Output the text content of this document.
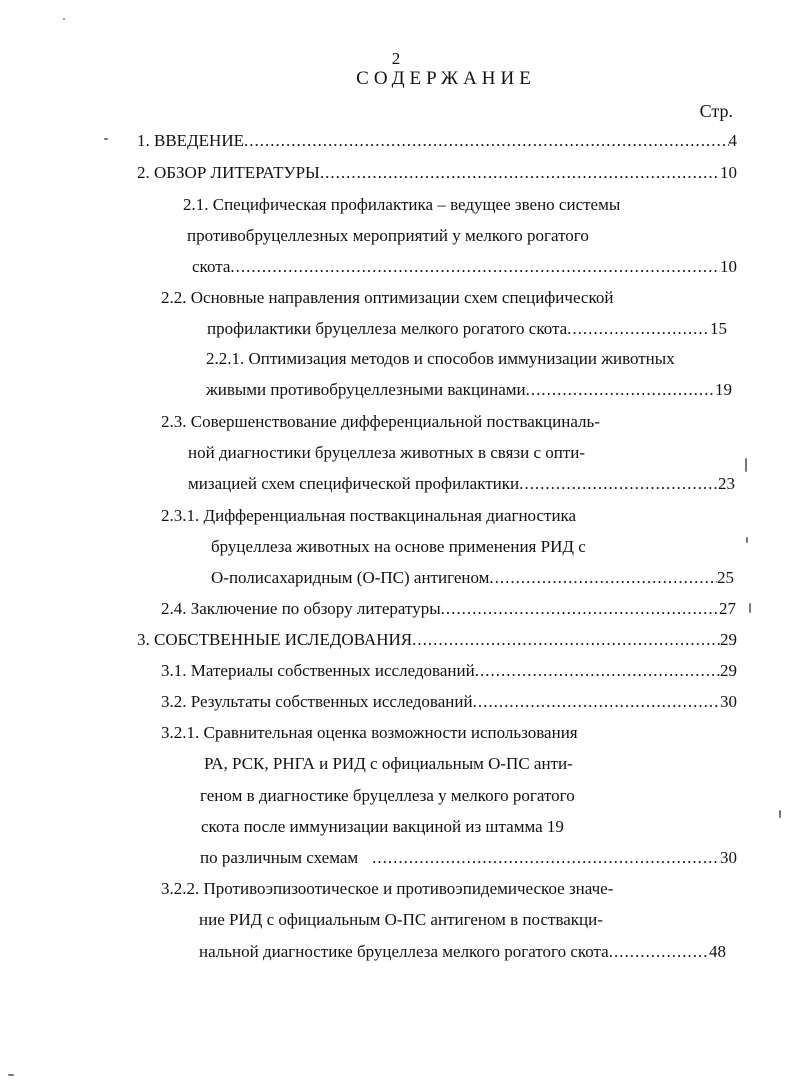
2
СОДЕРЖАНИЕ
Стр.
1. ВВЕДЕНИЕ .....	4
2. ОБЗОР ЛИТЕРАТУРЫ .....	10
2.1. Специфическая профилактика – ведущее звено системы
противобруцеллезных мероприятий у мелкого рогатого
скота .....	10
2.2. Основные направления оптимизации схем специфической
профилактики бруцеллеза мелкого рогатого скота .....	15
2.2.1. Оптимизация методов и способов иммунизации животных
живыми противобруцеллезными вакцинами .....	19
2.3. Совершенствование дифференциальной поствакциналь-
ной диагностики бруцеллеза животных в связи с опти-
мизацией схем специфической профилактики .....	23
2.3.1. Дифференциальная поствакцинальная диагностика
бруцеллеза животных на основе применения РИД с
О-полисахаридным (О-ПС) антигеном .....	25
2.4. Заключение по обзору литературы .....	27
3. СОБСТВЕННЫЕ ИСЛЕДОВАНИЯ .....	29
3.1. Материалы собственных исследований .....	29
3.2. Результаты собственных исследований .....	30
3.2.1. Сравнительная оценка возможности использования
РА, РСК, РНГА и РИД с официальным О-ПС анти-
геном в диагностике бруцеллеза у мелкого рогатого
скота после иммунизации вакциной из штамма 19
по различным схемам .....	30
3.2.2. Противоэпизоотическое и противоэпидемическое значе-
ние РИД с официальным О-ПС антигеном в поствакци-
нальной диагностике бруцеллеза мелкого рогатого скота .....	48
